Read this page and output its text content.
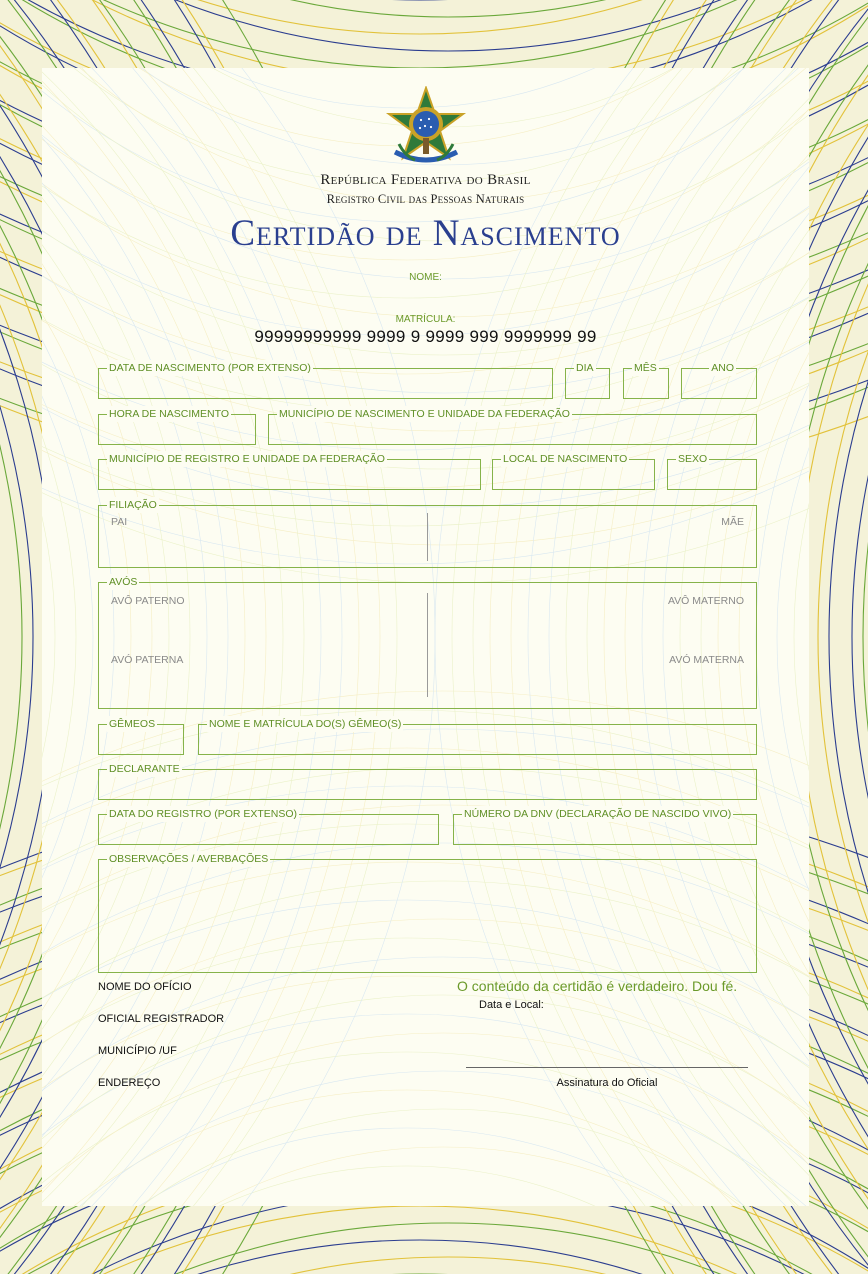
República Federativa do Brasil
Registro Civil das Pessoas Naturais
Certidão de Nascimento
NOME:
MATRÍCULA:
99999999999 9999 9 9999 999 9999999 99
DATA DE NASCIMENTO (POR EXTENSO)	DIA	MÊS	ANO
HORA DE NASCIMENTO	MUNICÍPIO DE NASCIMENTO E UNIDADE DA FEDERAÇÃO
MUNICÍPIO DE REGISTRO E UNIDADE DA FEDERAÇÃO	LOCAL DE NASCIMENTO	SEXO
FILIAÇÃO
PAI	MÃE
AVÓS
AVÔ PATERNO	AVÔ MATERNO
AVÓ PATERNA	AVÓ MATERNA
GÊMEOS	NOME E MATRÍCULA DO(S) GÊMEO(S)
DECLARANTE
DATA DO REGISTRO (POR EXTENSO)	NÚMERO DA DNV (DECLARAÇÃO DE NASCIDO VIVO)
OBSERVAÇÕES / AVERBAÇÕES
NOME DO OFÍCIO
OFICIAL REGISTRADOR
MUNICÍPIO /UF
ENDEREÇO
O conteúdo da certidão é verdadeiro. Dou fé.
Data e Local:
Assinatura do Oficial
